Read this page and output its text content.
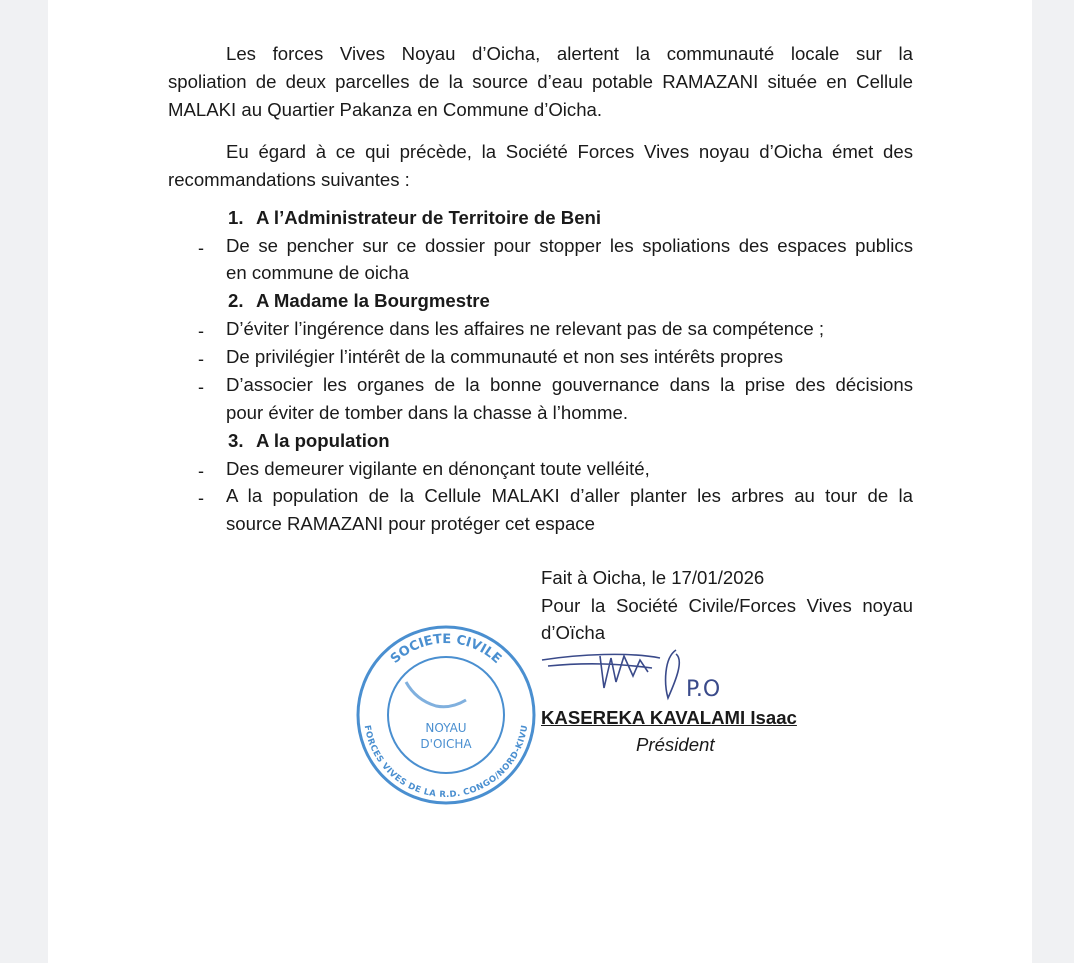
Les forces Vives Noyau d’Oicha, alertent la communauté locale sur la
spoliation de deux parcelles de la source d’eau potable RAMAZANI située en Cellule
MALAKI au Quartier Pakanza en Commune d’Oicha.
Eu égard à ce qui précède, la Société Forces Vives noyau d’Oicha émet des
recommandations suivantes :
1. A l’Administrateur de Territoire de Beni
- De se pencher sur ce dossier pour stopper les spoliations des espaces publics
en commune de oicha
2. A Madame la Bourgmestre
- D’éviter l’ingérence dans les affaires ne relevant pas de sa compétence ;
- De privilégier l’intérêt de la communauté et non ses intérêts propres
- D’associer les organes de la bonne gouvernance dans la prise des décisions
pour éviter de tomber dans la chasse à l’homme.
3. A la population
- Des demeurer vigilante en dénonçant toute velléité,
- A la population de la Cellule MALAKI d’aller planter les arbres au tour de la
source RAMAZANI pour protéger cet espace
Fait à Oicha, le 17/01/2026
Pour la Société Civile/Forces Vives noyau
d’Oïcha
SOCIETE CIVILE
FORCES VIVES DE LA R.D. CONGO/NORD-KIVU
NOYAU
D'OICHA
P.O
KASEREKA KAVALAMI Isaac
Président
